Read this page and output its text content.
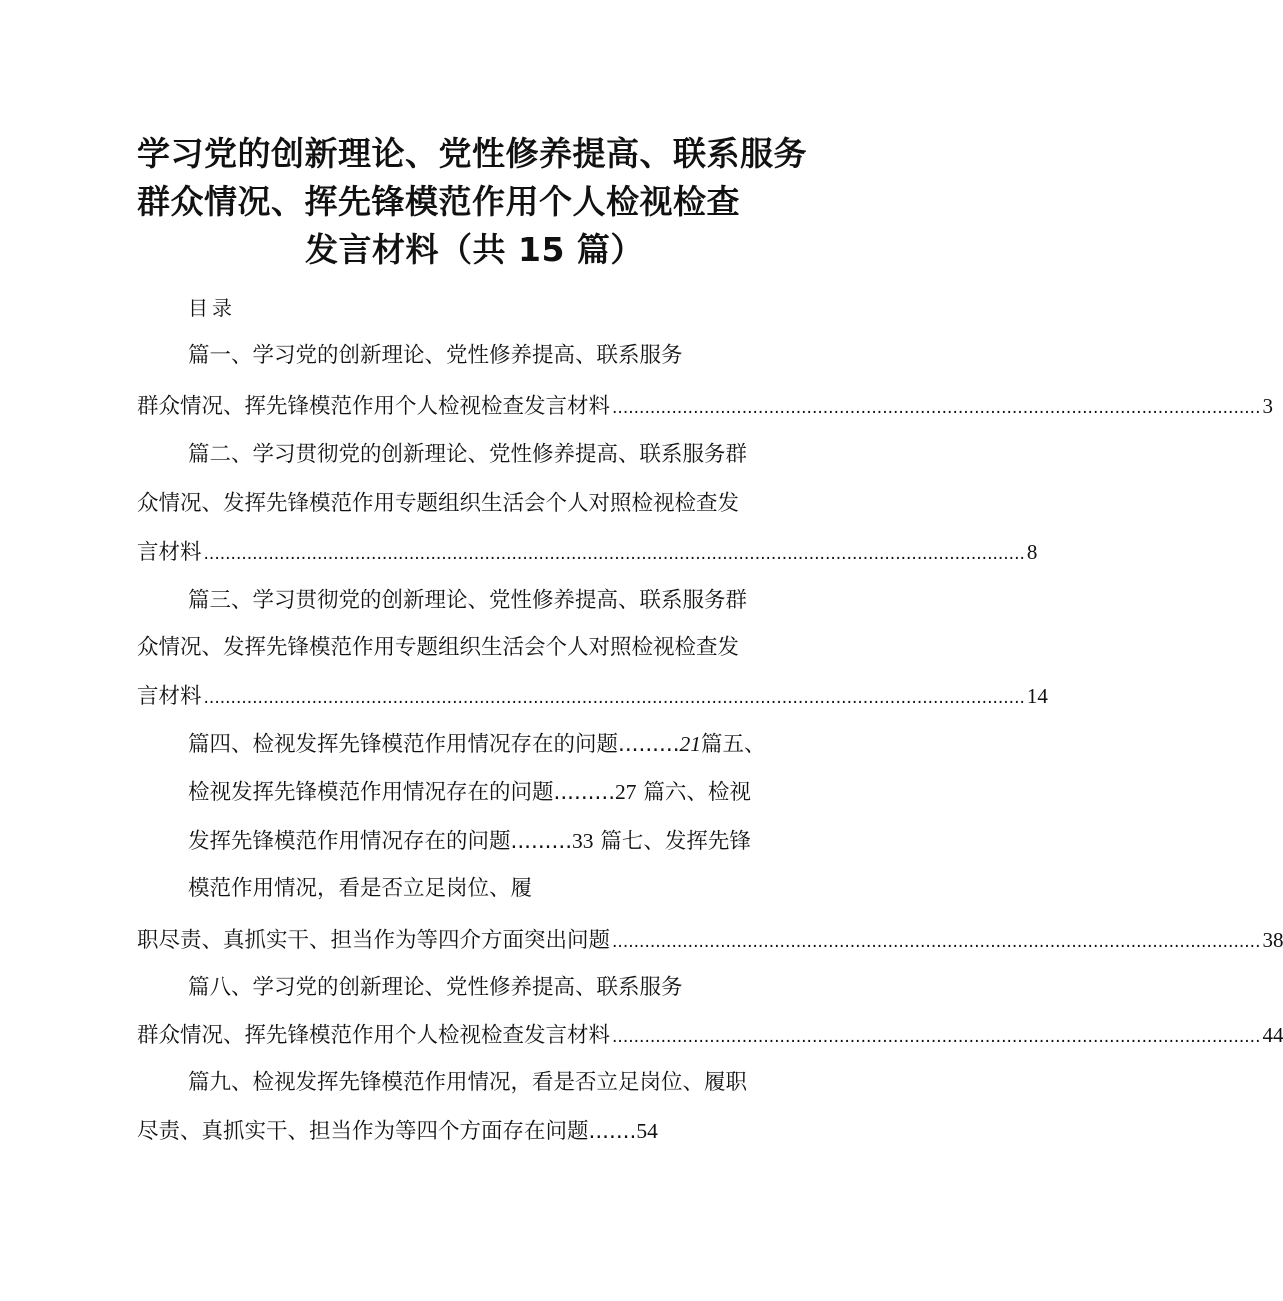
学习党的创新理论、党性修养提高、联系服务
群众情况、挥先锋模范作用个人检视检查
发言材料（共 15 篇）
目录
篇一、学习党的创新理论、党性修养提高、联系服务
群众情况、挥先锋模范作用个人检视检查发言材料 ........................................................................................................................ 3
篇二、学习贯彻党的创新理论、党性修养提高、联系服务群
众情况、发挥先锋模范作用专题组织生活会个人对照检视检查发
言材料 ........................................................................................................................................................ 8
篇三、学习贯彻党的创新理论、党性修养提高、联系服务群
众情况、发挥先锋模范作用专题组织生活会个人对照检视检查发
言材料 ........................................................................................................................................................ 14
篇四、检视发挥先锋模范作用情况存在的问题.........21篇五、
检视发挥先锋模范作用情况存在的问题.........27 篇六、检视
发挥先锋模范作用情况存在的问题.........33 篇七、发挥先锋
模范作用情况，看是否立足岗位、履
职尽责、真抓实干、担当作为等四介方面突出问题 ........................................................................................................................ 38
篇八、学习党的创新理论、党性修养提高、联系服务
群众情况、挥先锋模范作用个人检视检查发言材料 ........................................................................................................................ 44
篇九、检视发挥先锋模范作用情况，看是否立足岗位、履职
尽责、真抓实干、担当作为等四个方面存在问题.......54
